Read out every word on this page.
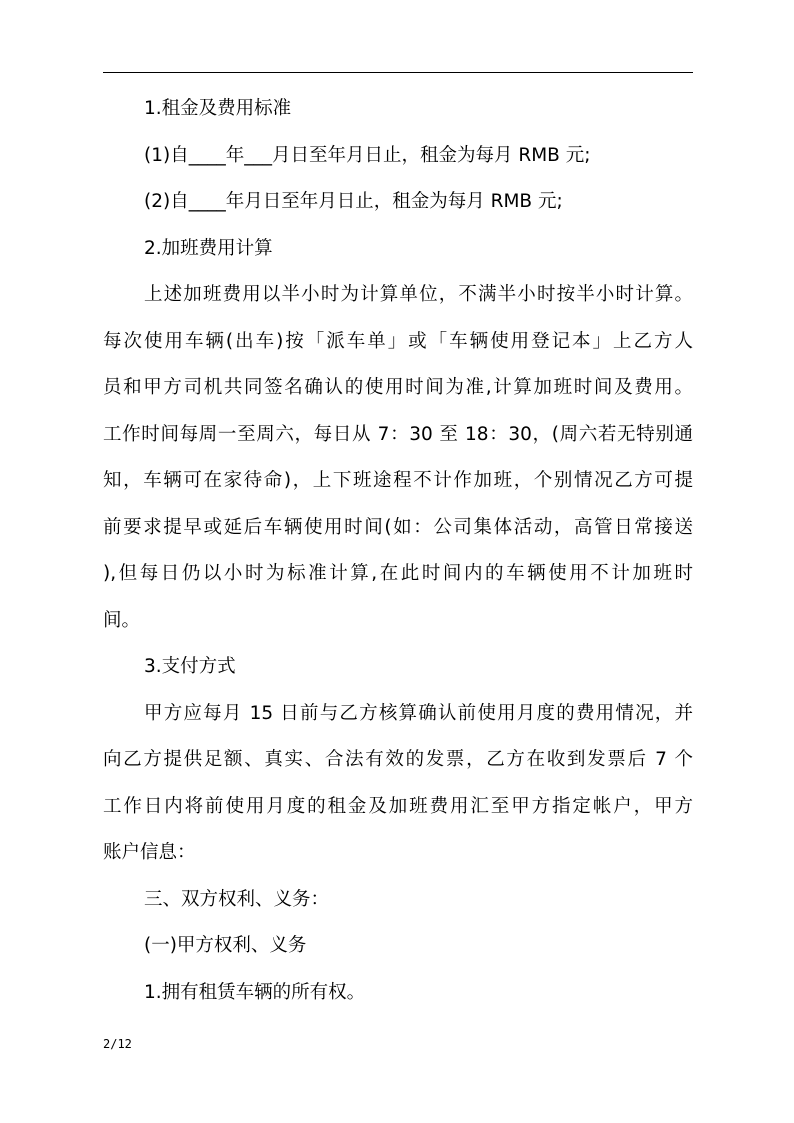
1.租金及费用标准
(1)自____年___月日至年月日止，租金为每月 RMB 元;
(2)自____年月日至年月日止，租金为每月 RMB 元;
2.加班费用计算
上述加班费用以半小时为计算单位，不满半小时按半小时计算。
每次使用车辆(出车)按「派车单」或「车辆使用登记本」上乙方人
员和甲方司机共同签名确认的使用时间为准,计算加班时间及费用。
工作时间每周一至周六，每日从 7：30 至 18：30，(周六若无特别通
知，车辆可在家待命)，上下班途程不计作加班，个别情况乙方可提
前要求提早或延后车辆使用时间(如：公司集体活动，高管日常接送
),但每日仍以小时为标准计算,在此时间内的车辆使用不计加班时
间。
3.支付方式
甲方应每月 15 日前与乙方核算确认前使用月度的费用情况，并
向乙方提供足额、真实、合法有效的发票，乙方在收到发票后 7 个
工作日内将前使用月度的租金及加班费用汇至甲方指定帐户，甲方
账户信息：
三、双方权利、义务：
(一)甲方权利、义务
1.拥有租赁车辆的所有权。
2/12
